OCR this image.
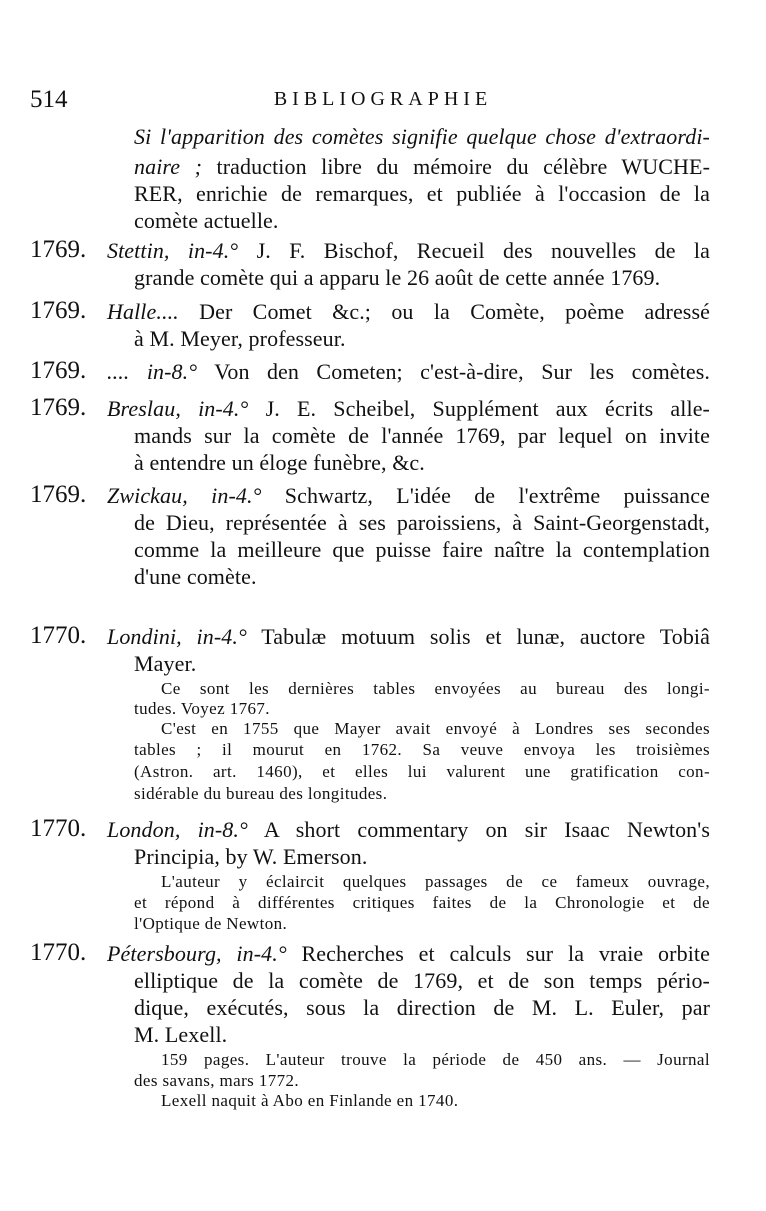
514	BIBLIOGRAPHIE
Si l'apparition des comètes signifie quelque chose d'extraordi-
naire ; traduction libre du mémoire du célèbre WUCHE-
RER, enrichie de remarques, et publiée à l'occasion de la
comète actuelle.
1769. Stettin, in-4.° J. F. Bischof, Recueil des nouvelles de la
grande comète qui a apparu le 26 août de cette année 1769.
1769. Halle.... Der Comet &c.; ou la Comète, poème adressé
à M. Meyer, professeur.
1769. .... in-8.° Von den Cometen; c'est-à-dire, Sur les comètes.
1769. Breslau, in-4.° J. E. Scheibel, Supplément aux écrits alle-
mands sur la comète de l'année 1769, par lequel on invite
à entendre un éloge funèbre, &c.
1769. Zwickau, in-4.° Schwartz, L'idée de l'extrême puissance
de Dieu, représentée à ses paroissiens, à Saint-Georgenstadt,
comme la meilleure que puisse faire naître la contemplation
d'une comète.
1770. Londini, in-4.° Tabulæ motuum solis et lunæ, auctore Tobiâ
Mayer.
Ce sont les dernières tables envoyées au bureau des longi-
tudes. Voyez 1767.
C'est en 1755 que Mayer avait envoyé à Londres ses secondes
tables ; il mourut en 1762. Sa veuve envoya les troisièmes
(Astron. art. 1460), et elles lui valurent une gratification con-
sidérable du bureau des longitudes.
1770. London, in-8.° A short commentary on sir Isaac Newton's
Principia, by W. Emerson.
L'auteur y éclaircit quelques passages de ce fameux ouvrage,
et répond à différentes critiques faites de la Chronologie et de
l'Optique de Newton.
1770. Pétersbourg, in-4.° Recherches et calculs sur la vraie orbite
elliptique de la comète de 1769, et de son temps pério-
dique, exécutés, sous la direction de M. L. Euler, par
M. Lexell.
159 pages. L'auteur trouve la période de 450 ans. — Journal
des savans, mars 1772.
Lexell naquit à Abo en Finlande en 1740.
